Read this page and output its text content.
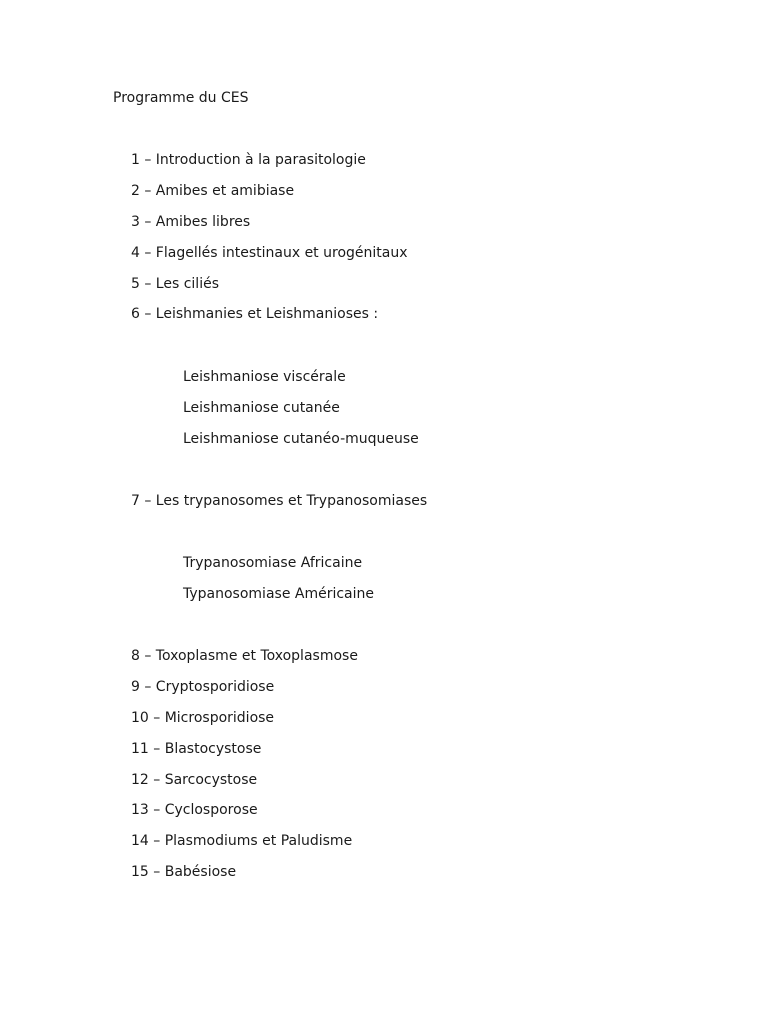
Programme du CES
1 – Introduction à la parasitologie
2 – Amibes et amibiase
3 – Amibes libres
4 – Flagellés intestinaux et urogénitaux
5 – Les ciliés
6 – Leishmanies et Leishmanioses :
Leishmaniose viscérale
Leishmaniose cutanée
Leishmaniose cutanéo-muqueuse
7 – Les trypanosomes et Trypanosomiases
Trypanosomiase Africaine
Typanosomiase Américaine
8 – Toxoplasme et Toxoplasmose
9 – Cryptosporidiose
10 – Microsporidiose
11 – Blastocystose
12 – Sarcocystose
13 – Cyclosporose
14 – Plasmodiums et Paludisme
15 – Babésiose
